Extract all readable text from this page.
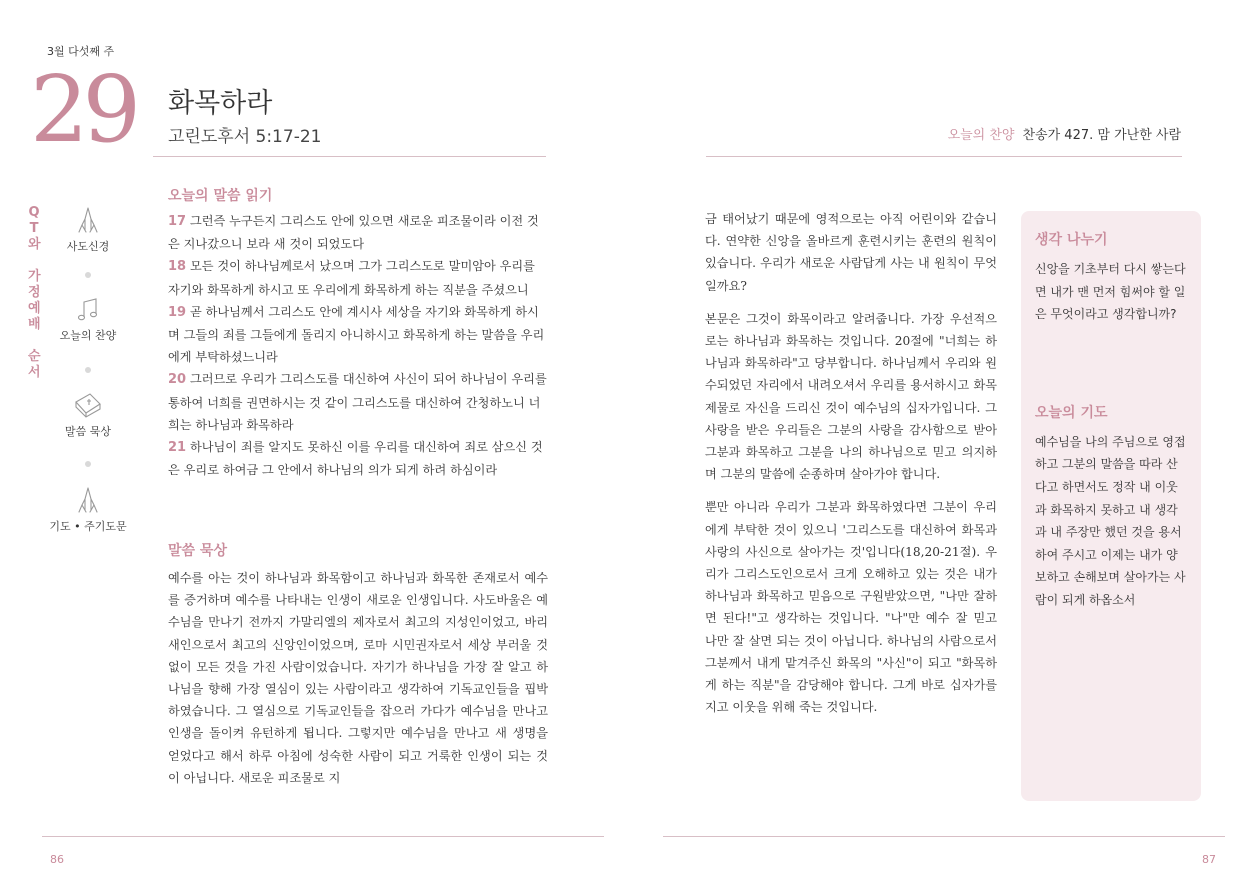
3월 다섯째 주
29 화목하라
고린도후서 5:17-21
Q
T
와
가
정
예
배
순
서
사도신경
오늘의 찬양
말씀 묵상
기도 • 주기도문
오늘의 말씀 읽기
17 그런즉 누구든지 그리스도 안에 있으면 새로운 피조물이라 이전 것은 지나갔으니 보라 새 것이 되었도다
18 모든 것이 하나님께로서 났으며 그가 그리스도로 말미암아 우리를 자기와 화목하게 하시고 또 우리에게 화목하게 하는 직분을 주셨으니
19 곧 하나님께서 그리스도 안에 계시사 세상을 자기와 화목하게 하시며 그들의 죄를 그들에게 돌리지 아니하시고 화목하게 하는 말씀을 우리에게 부탁하셨느니라
20 그러므로 우리가 그리스도를 대신하여 사신이 되어 하나님이 우리를 통하여 너희를 권면하시는 것 같이 그리스도를 대신하여 간청하노니 너희는 하나님과 화목하라
21 하나님이 죄를 알지도 못하신 이를 우리를 대신하여 죄로 삼으신 것은 우리로 하여금 그 안에서 하나님의 의가 되게 하려 하심이라
말씀 묵상
예수를 아는 것이 하나님과 화목함이고 하나님과 화목한 존재로서 예수를 증거하며 예수를 나타내는 인생이 새로운 인생입니다. 사도바울은 예수님을 만나기 전까지 가말리엘의 제자로서 최고의 지성인이었고, 바리새인으로서 최고의 신앙인이었으며, 로마 시민권자로서 세상 부러울 것 없이 모든 것을 가진 사람이었습니다. 자기가 하나님을 가장 잘 알고 하나님을 향해 가장 열심이 있는 사람이라고 생각하여 기독교인들을 핍박하였습니다. 그 열심으로 기독교인들을 잡으러 가다가 예수님을 만나고 인생을 돌이켜 유턴하게 됩니다. 그렇지만 예수님을 만나고 새 생명을 얻었다고 해서 하루 아침에 성숙한 사람이 되고 거룩한 인생이 되는 것이 아닙니다. 새로운 피조물로 지
86
오늘의 찬양 찬송가 427. 맘 가난한 사람

금 태어났기 때문에 영적으로는 아직 어린이와 같습니다. 연약한 신앙을 올바르게 훈련시키는 훈련의 원칙이 있습니다. 우리가 새로운 사람답게 사는 내 원칙이 무엇일까요?

본문은 그것이 화목이라고 알려줍니다. 가장 우선적으로는 하나님과 화목하는 것입니다. 20절에 "너희는 하나님과 화목하라"고 당부합니다. 하나님께서 우리와 원수되었던 자리에서 내려오셔서 우리를 용서하시고 화목제물로 자신을 드리신 것이 예수님의 십자가입니다. 그 사랑을 받은 우리들은 그분의 사랑을 감사함으로 받아 그분과 화목하고 그분을 나의 하나님으로 믿고 의지하며 그분의 말씀에 순종하며 살아가야 합니다.

뿐만 아니라 우리가 그분과 화목하였다면 그분이 우리에게 부탁한 것이 있으니 '그리스도를 대신하여 화목과 사랑의 사신으로 살아가는 것'입니다(18,20-21절). 우리가 그리스도인으로서 크게 오해하고 있는 것은 내가 하나님과 화목하고 믿음으로 구원받았으면, "나만 잘하면 된다!"고 생각하는 것입니다. "나"만 예수 잘 믿고 나만 잘 살면 되는 것이 아닙니다. 하나님의 사람으로서 그분께서 내게 맡겨주신 화목의 "사신"이 되고 "화목하게 하는 직분"을 감당해야 합니다. 그게 바로 십자가를 지고 이웃을 위해 죽는 것입니다.

생각 나누기

신앙을 기초부터 다시 쌓는다면 내가 맨 먼저 힘써야 할 일은 무엇이라고 생각합니까?

오늘의 기도

예수님을 나의 주님으로 영접하고 그분의 말씀을 따라 산다고 하면서도 정작 내 이웃과 화목하지 못하고 내 생각과 내 주장만 했던 것을 용서하여 주시고 이제는 내가 양보하고 손해보며 살아가는 사람이 되게 하옵소서

87
